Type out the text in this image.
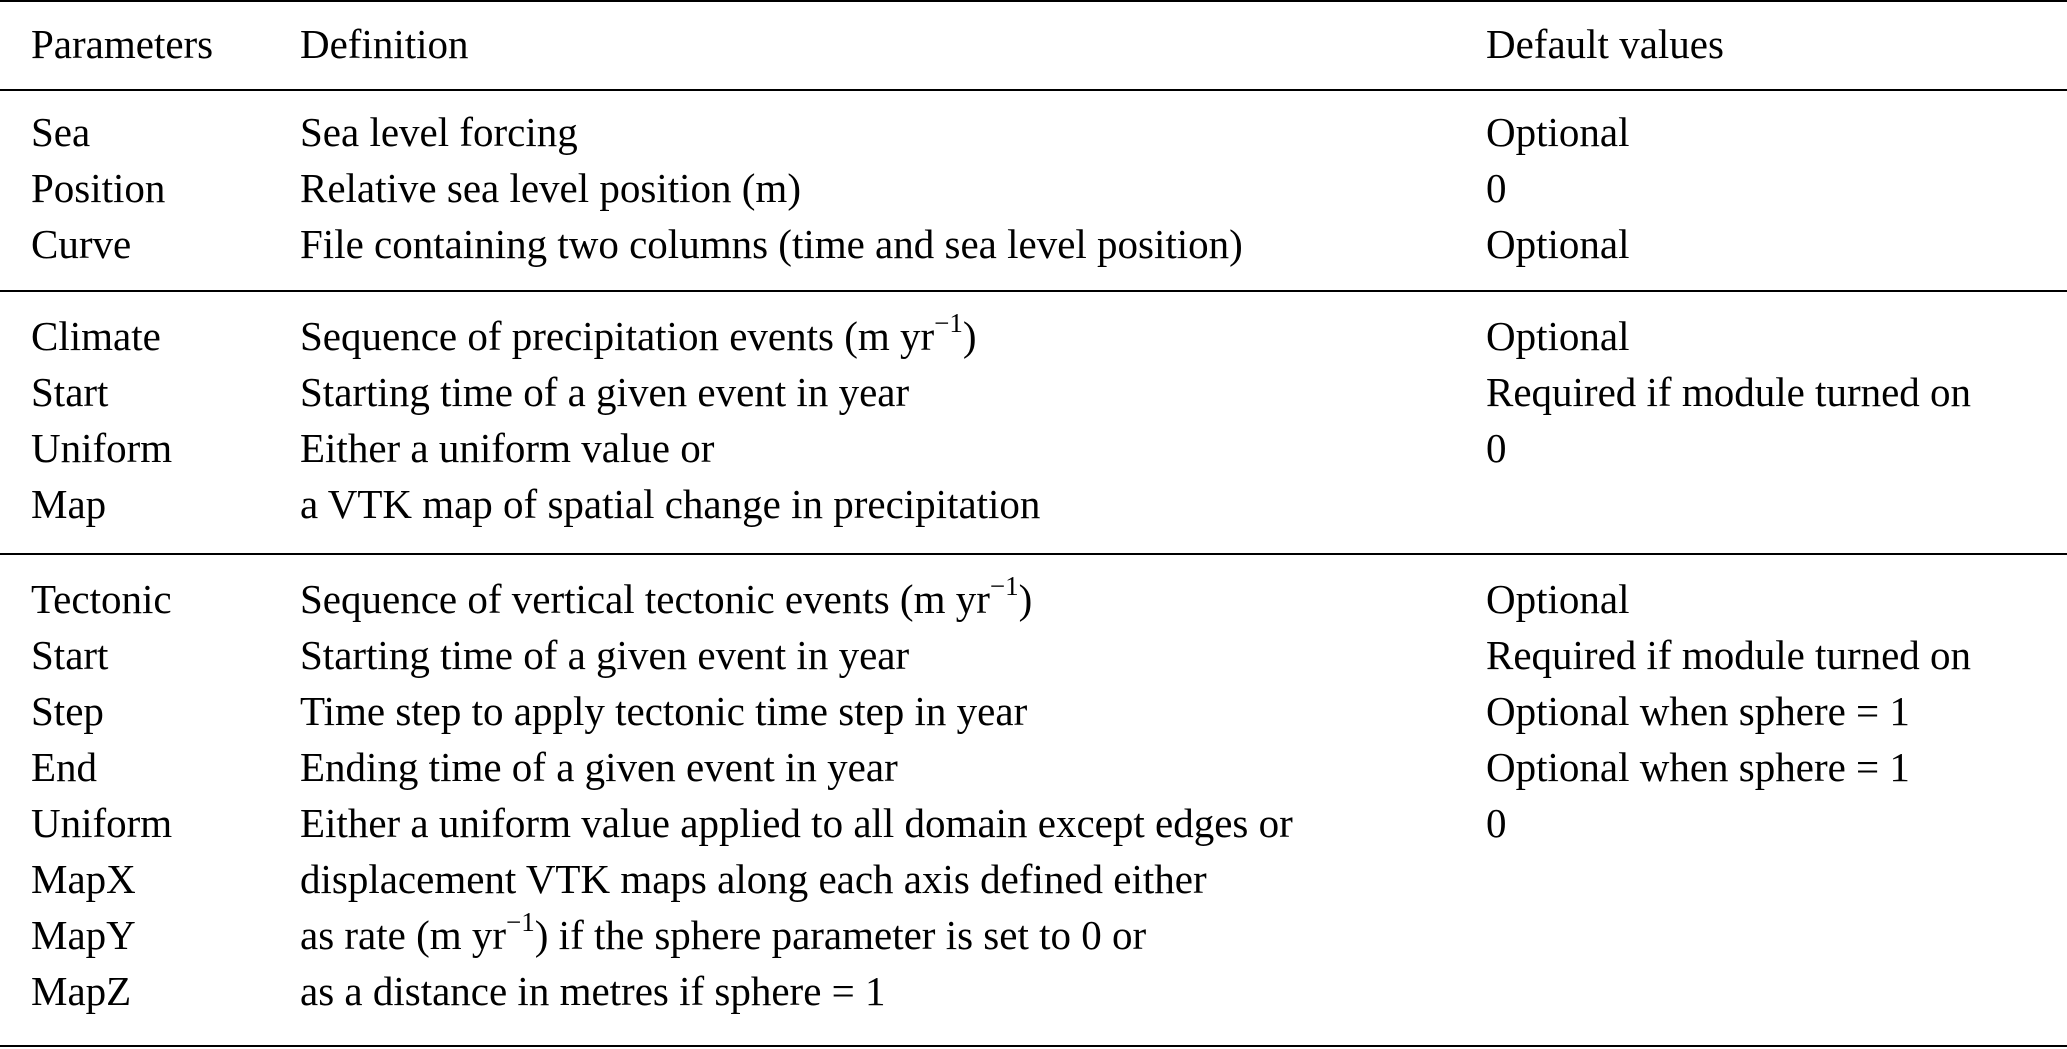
Parameters Definition	Default values
Sea	Sea level forcing	Optional
Position	Relative sea level position (m)	0
Curve	File containing two columns (time and sea level position)	Optional
Climate	Sequence of precipitation events (m $yr^{-1}$)	Optional
Start	Starting time of a given event in year	Required if module turned on
Uniform	Either a uniform value or	0
Map	a VTK map of spatial change in precipitation
Tectonic	Sequence of vertical tectonic events (m $yr^{-1}$)	Optional
Start	Starting time of a given event in year	Required if module turned on
Step	Time step to apply tectonic time step in year	Optional when sphere = 1
End	Ending time of a given event in year	Optional when sphere = 1
Uniform	Either a uniform value applied to all domain except edges or	0
MapX	displacement VTK maps along each axis defined either
MapY	as rate (m $yr^{-1}$) if the sphere parameter is set to 0 or
MapZ	as a distance in metres if sphere = 1
